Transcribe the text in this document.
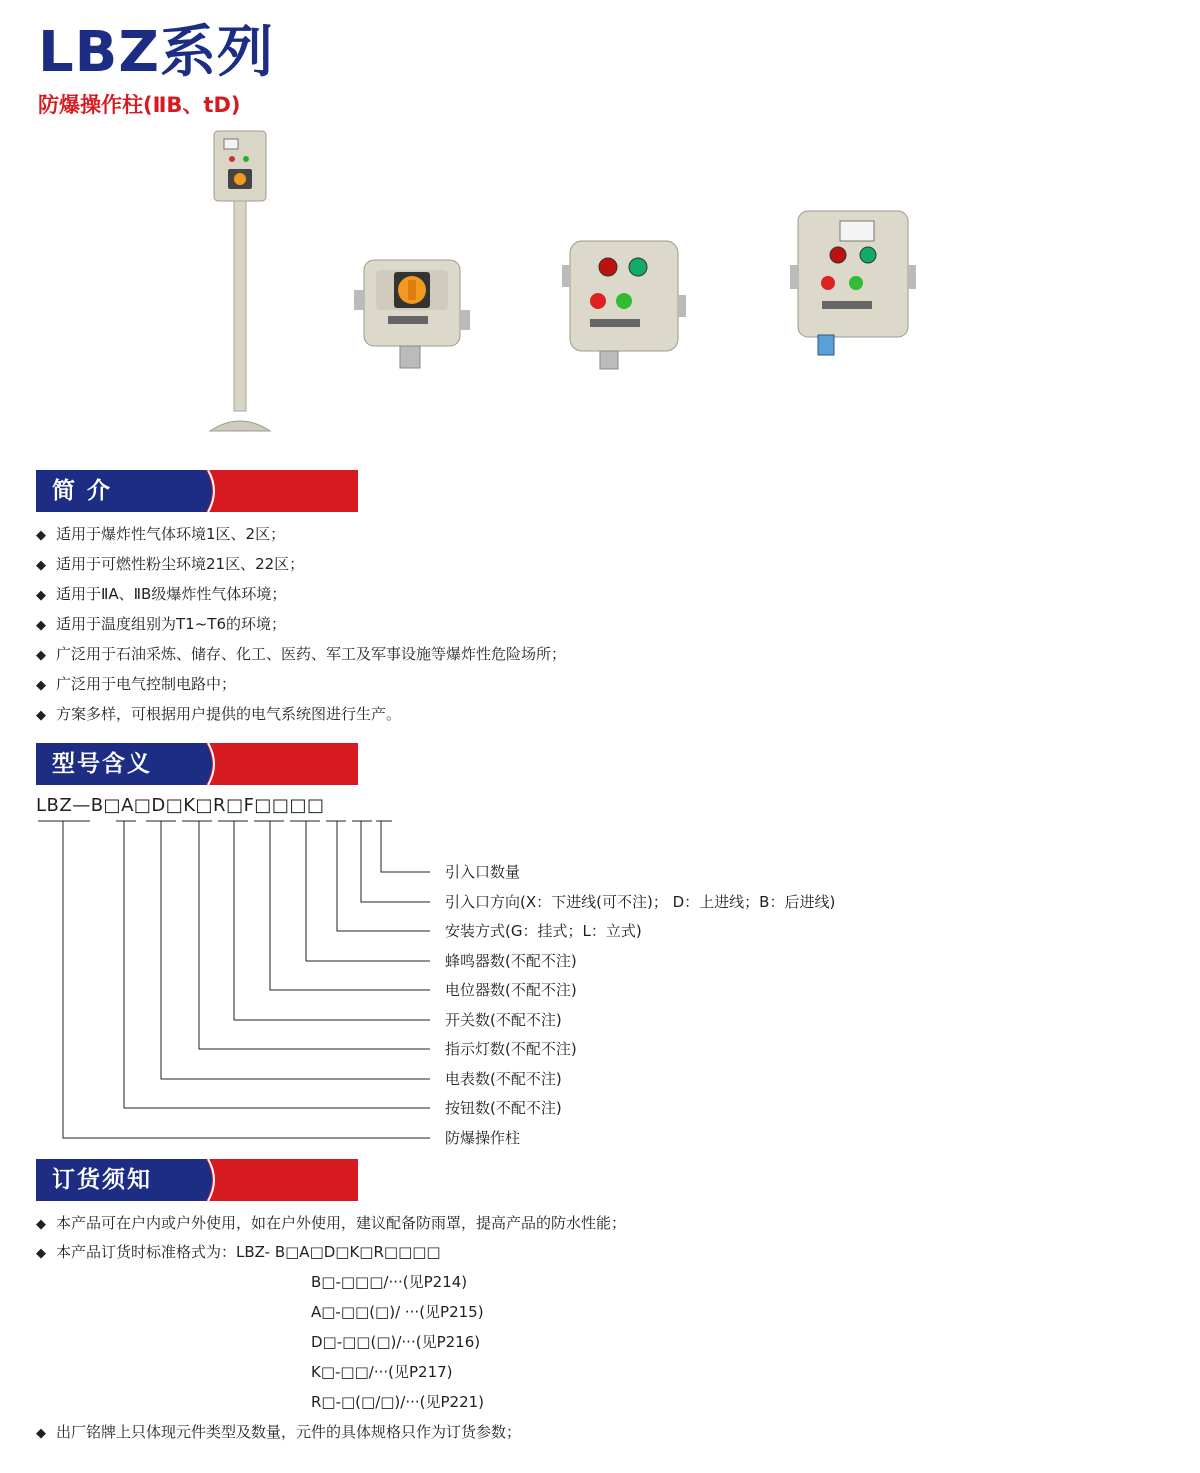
LBZ系列
防爆操作柱(ⅡB、tD)
简 介
◆ 适用于爆炸性气体环境1区、2区；
◆ 适用于可燃性粉尘环境21区、22区；
◆ 适用于ⅡA、ⅡB级爆炸性气体环境；
◆ 适用于温度组别为T1~T6的环境；
◆ 广泛用于石油采炼、储存、化工、医药、军工及军事设施等爆炸性危险场所；
◆ 广泛用于电气控制电路中；
◆ 方案多样，可根据用户提供的电气系统图进行生产。
型号含义
LBZ—B□A□D□K□R□F□□□□
引入口数量
引入口方向(X：下进线(可不注)； D：上进线；B：后进线)
安装方式(G：挂式；L：立式)
蜂鸣器数(不配不注)
电位器数(不配不注)
开关数(不配不注)
指示灯数(不配不注)
电表数(不配不注)
按钮数(不配不注)
防爆操作柱
订货须知
◆ 本产品可在户内或户外使用，如在户外使用，建议配备防雨罩，提高产品的防水性能；
◆ 本产品订货时标准格式为：LBZ- B□A□D□K□R□□□□
B□-□□□/···(见P214)
A□-□□(□)/ ···(见P215)
D□-□□(□)/···(见P216)
K□-□□/···(见P217)
R□-□(□/□)/···(见P221)
◆ 出厂铭牌上只体现元件类型及数量，元件的具体规格只作为订货参数；
